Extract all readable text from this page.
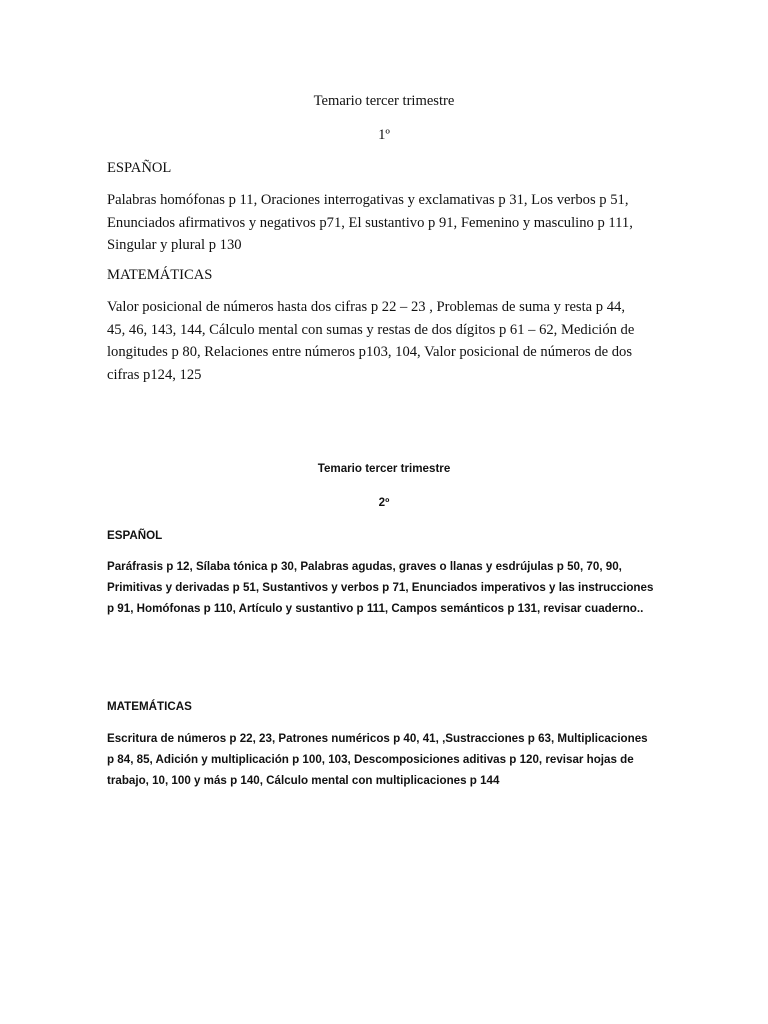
Temario tercer trimestre
1º
ESPAÑOL
Palabras homófonas p 11, Oraciones interrogativas y exclamativas p 31, Los verbos p 51,
Enunciados afirmativos y negativos p71, El sustantivo p 91, Femenino y masculino p 111,
Singular y plural p 130
MATEMÁTICAS
Valor posicional de números hasta dos cifras p 22 – 23 , Problemas de suma y resta p 44,
45, 46, 143, 144, Cálculo mental con sumas y restas de dos dígitos p 61 – 62, Medición de
longitudes p 80, Relaciones entre números p103, 104, Valor posicional de números de dos
cifras p124, 125
Temario tercer trimestre
2º
ESPAÑOL
Paráfrasis p 12, Sílaba tónica p 30, Palabras agudas, graves o llanas y esdrújulas p 50, 70, 90,
Primitivas y derivadas p 51, Sustantivos y verbos p 71, Enunciados imperativos y las instrucciones
p 91, Homófonas p 110, Artículo y sustantivo p 111, Campos semánticos p 131, revisar cuaderno..
MATEMÁTICAS
Escritura de números p 22, 23, Patrones numéricos p 40, 41, ,Sustracciones p 63, Multiplicaciones
p 84, 85, Adición y multiplicación p 100, 103, Descomposiciones aditivas p 120, revisar hojas de
trabajo, 10, 100 y más p 140, Cálculo mental con multiplicaciones p 144
